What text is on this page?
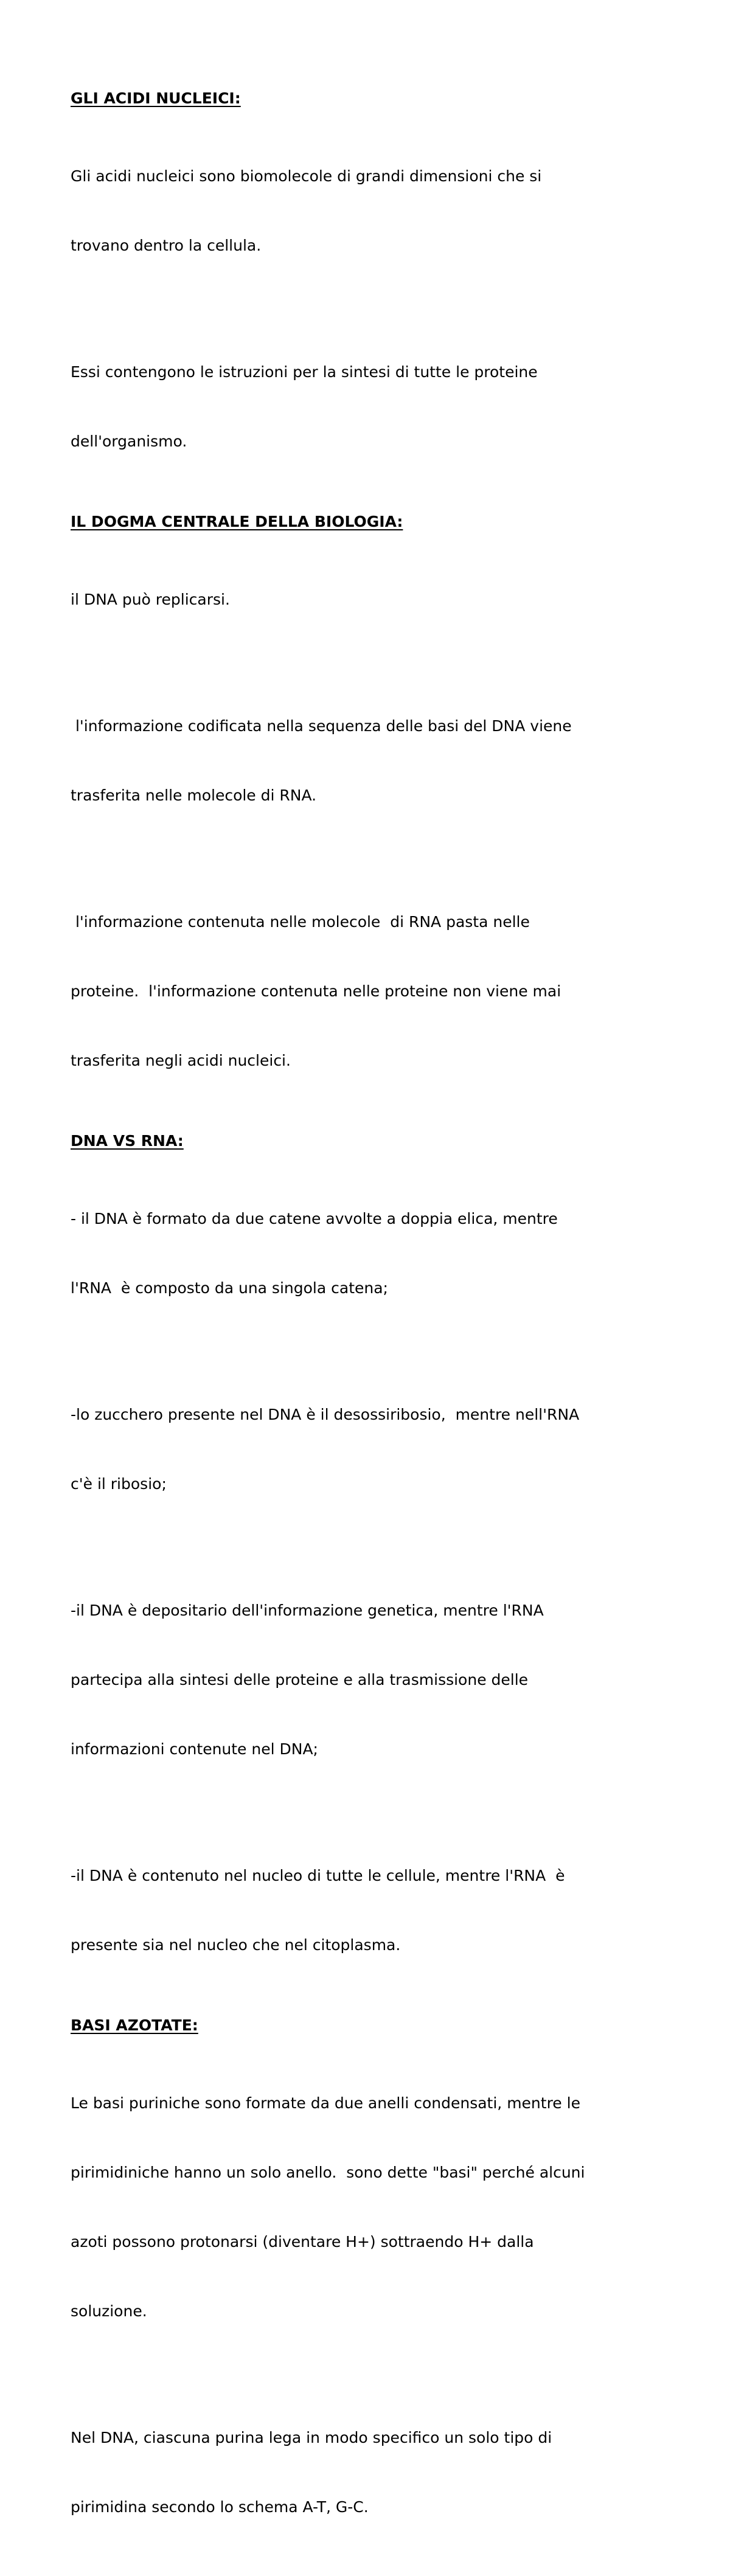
GLI ACIDI NUCLEICI:

Gli acidi nucleici sono biomolecole di grandi dimensioni che si

trovano dentro la cellula.

Essi contengono le istruzioni per la sintesi di tutte le proteine

dell'organismo.

IL DOGMA CENTRALE DELLA BIOLOGIA:

il DNA può replicarsi.

l'informazione codificata nella sequenza delle basi del DNA viene

trasferita nelle molecole di RNA.

l'informazione contenuta nelle molecole  di RNA pasta nelle

proteine.  l'informazione contenuta nelle proteine non viene mai

trasferita negli acidi nucleici.

DNA VS RNA:

- il DNA è formato da due catene avvolte a doppia elica, mentre

l'RNA  è composto da una singola catena;

-lo zucchero presente nel DNA è il desossiribosio,  mentre nell'RNA

c'è il ribosio;

-il DNA è depositario dell'informazione genetica, mentre l'RNA

partecipa alla sintesi delle proteine e alla trasmissione delle

informazioni contenute nel DNA;

-il DNA è contenuto nel nucleo di tutte le cellule, mentre l'RNA  è

presente sia nel nucleo che nel citoplasma.

BASI AZOTATE:

Le basi puriniche sono formate da due anelli condensati, mentre le

pirimidiniche hanno un solo anello.  sono dette "basi" perché alcuni

azoti possono protonarsi (diventare H+) sottraendo H+ dalla

soluzione.

Nel DNA, ciascuna purina lega in modo specifico un solo tipo di

pirimidina secondo lo schema A-T, G-C.
